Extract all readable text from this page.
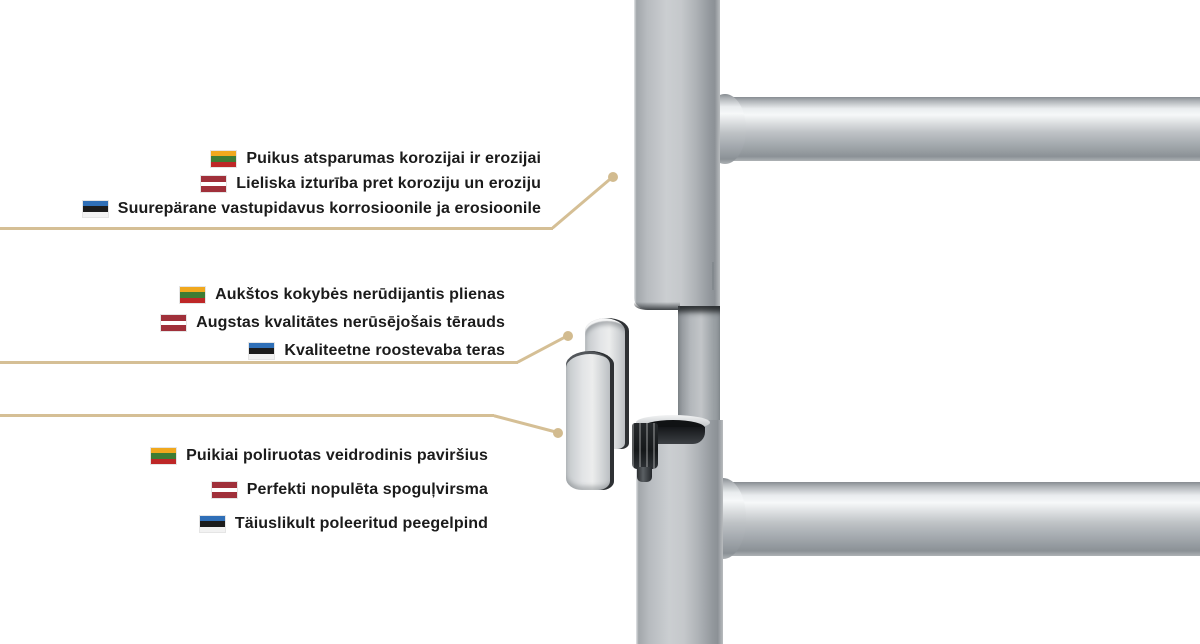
Puikus atsparumas korozijai ir erozijai
Lieliska izturība pret koroziju un eroziju
Suurepärane vastupidavus korrosioonile ja erosioonile
Aukštos kokybės nerūdijantis plienas
Augstas kvalitātes nerūsējošais tērauds
Kvaliteetne roostevaba teras
Puikiai poliruotas veidrodinis paviršius
Perfekti nopulēta spoguļvirsma
Täiuslikult poleeritud peegelpind
